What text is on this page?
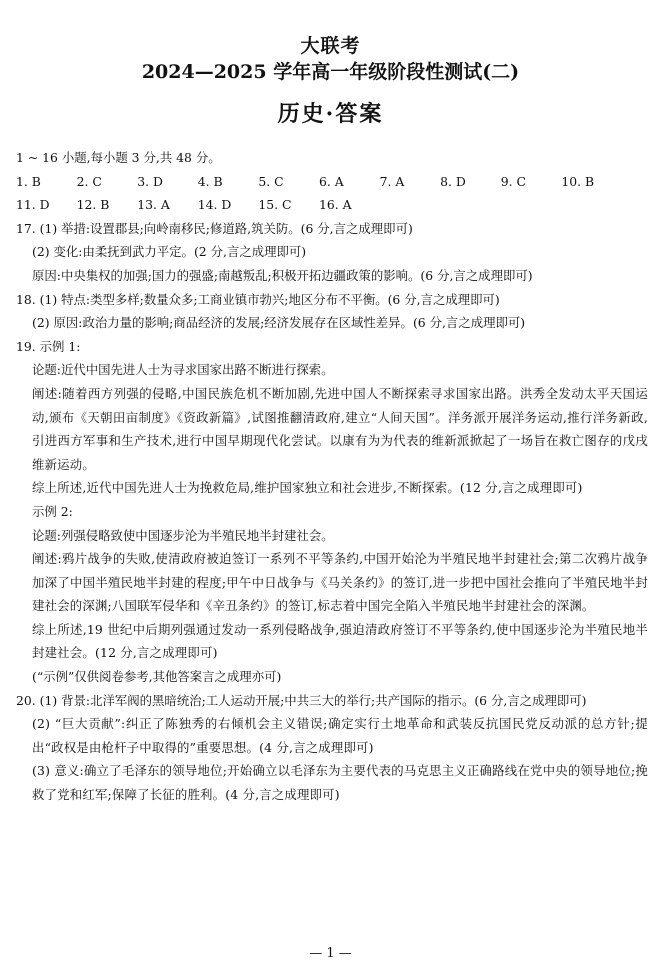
大联考
2024—2025 学年高一年级阶段性测试(二)
历史·答案
1 ~ 16 小题,每小题 3 分,共 48 分。
1. B	2. C	3. D	4. B	5. C	6. A	7. A	8. D	9. C	10. B
11. D	12. B	13. A	14. D	15. C	16. A
17. (1) 举措:设置郡县;向岭南移民;修道路,筑关防。(6 分,言之成理即可)
(2) 变化:由柔抚到武力平定。(2 分,言之成理即可)
原因:中央集权的加强;国力的强盛;南越叛乱;积极开拓边疆政策的影响。(6 分,言之成理即可)
18. (1) 特点:类型多样;数量众多;工商业镇市勃兴;地区分布不平衡。(6 分,言之成理即可)
(2) 原因:政治力量的影响;商品经济的发展;经济发展存在区域性差异。(6 分,言之成理即可)
19. 示例 1:
论题:近代中国先进人士为寻求国家出路不断进行探索。
阐述:随着西方列强的侵略,中国民族危机不断加剧,先进中国人不断探索寻求国家出路。洪秀全发动太平天国运动,颁布《天朝田亩制度》《资政新篇》,试图推翻清政府,建立“人间天国”。洋务派开展洋务运动,推行洋务新政,引进西方军事和生产技术,进行中国早期现代化尝试。以康有为为代表的维新派掀起了一场旨在救亡图存的戊戌维新运动。
综上所述,近代中国先进人士为挽救危局,维护国家独立和社会进步,不断探索。(12 分,言之成理即可)
示例 2:
论题:列强侵略致使中国逐步沦为半殖民地半封建社会。
阐述:鸦片战争的失败,使清政府被迫签订一系列不平等条约,中国开始沦为半殖民地半封建社会;第二次鸦片战争加深了中国半殖民地半封建的程度;甲午中日战争与《马关条约》的签订,进一步把中国社会推向了半殖民地半封建社会的深渊;八国联军侵华和《辛丑条约》的签订,标志着中国完全陷入半殖民地半封建社会的深渊。
综上所述,19 世纪中后期列强通过发动一系列侵略战争,强迫清政府签订不平等条约,使中国逐步沦为半殖民地半封建社会。(12 分,言之成理即可)
(“示例”仅供阅卷参考,其他答案言之成理亦可)
20. (1) 背景:北洋军阀的黑暗统治;工人运动开展;中共三大的举行;共产国际的指示。(6 分,言之成理即可)
(2) “巨大贡献”:纠正了陈独秀的右倾机会主义错误;确定实行土地革命和武装反抗国民党反动派的总方针;提出“政权是由枪杆子中取得的”重要思想。(4 分,言之成理即可)
(3) 意义:确立了毛泽东的领导地位;开始确立以毛泽东为主要代表的马克思主义正确路线在党中央的领导地位;挽救了党和红军;保障了长征的胜利。(4 分,言之成理即可)
— 1 —
